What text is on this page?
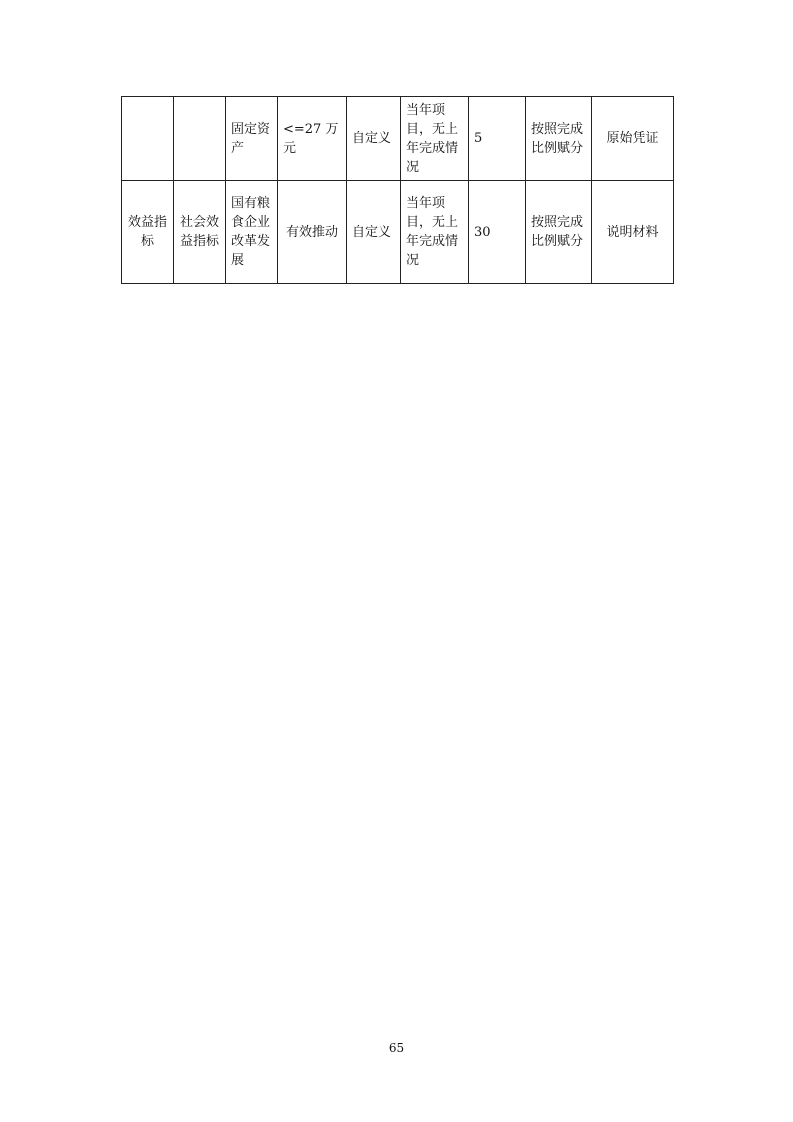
		固定资产	<=27 万元	自定义	当年项目，无上年完成情况	5	按照完成比例赋分	原始凭证
效益指标	社会效益指标	国有粮食企业改革发展	有效推动	自定义	当年项目，无上年完成情况	30	按照完成比例赋分	说明材料
65
